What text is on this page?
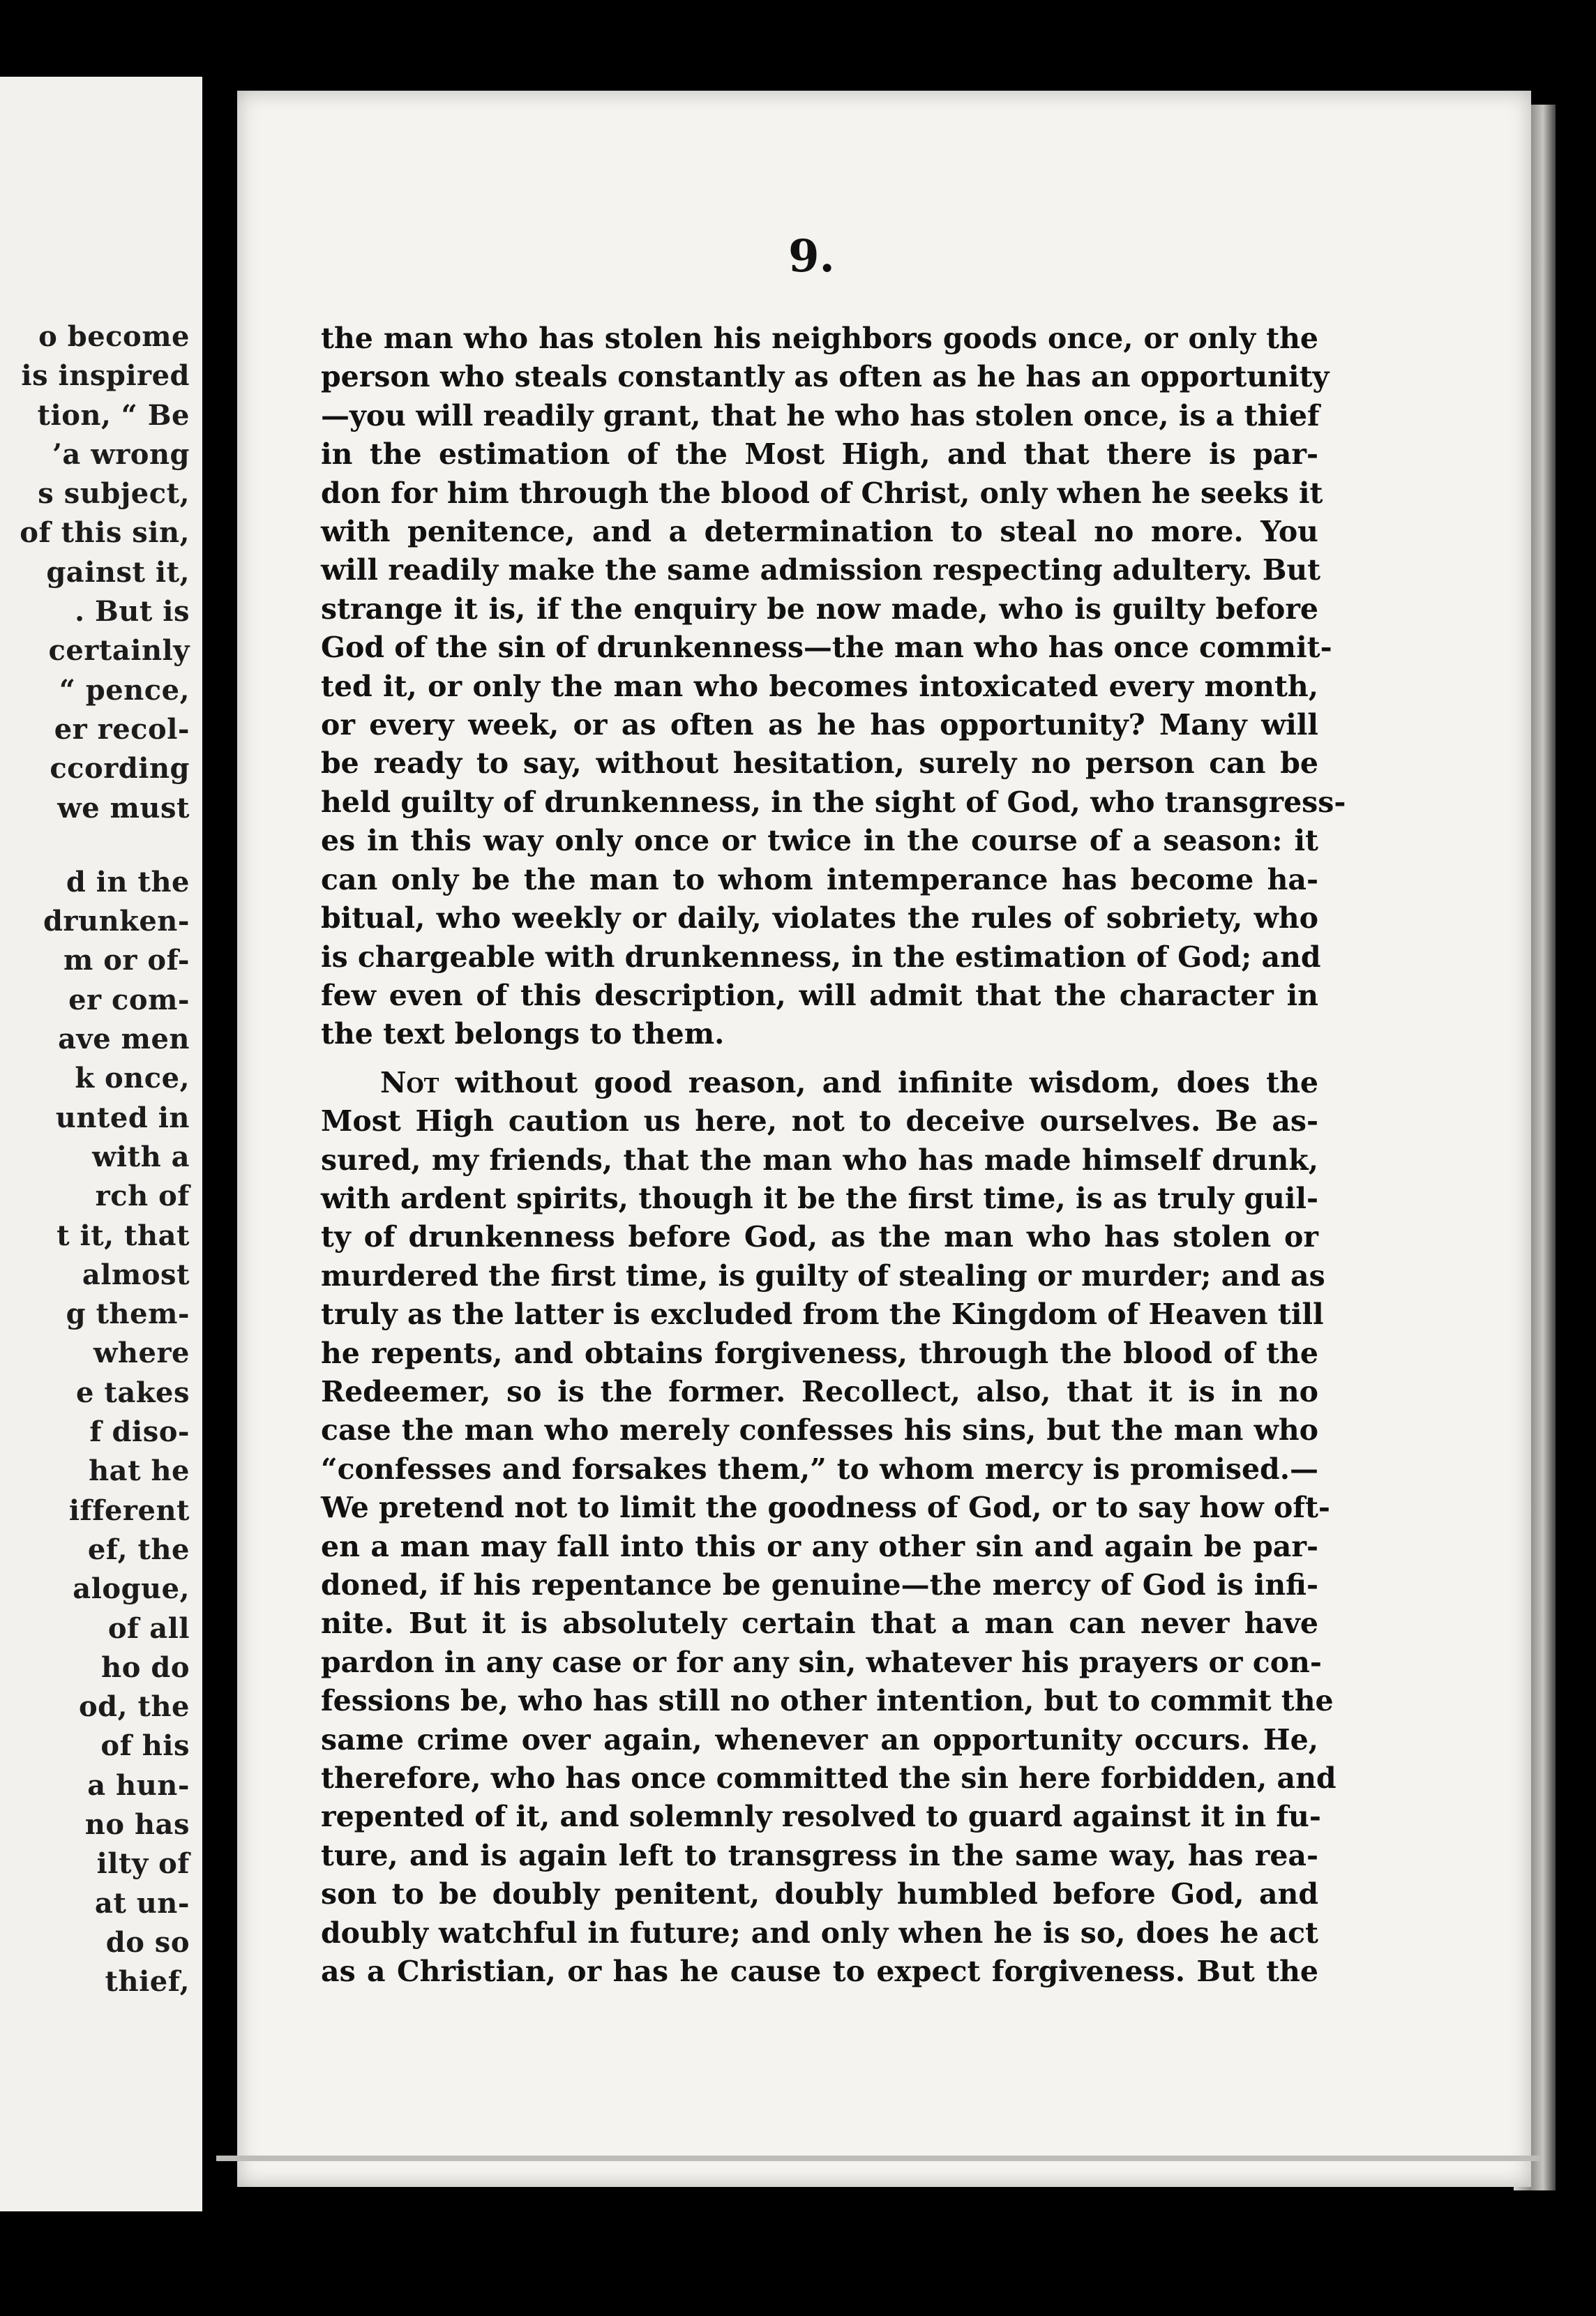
o become
is inspired
tion, “ Be
’a wrong
s subject,
of this sin,
gainst it,
. But is
certainly
“ pence,
er recol-
ccording
we must
d in the
drunken-
m or of-
er com-
ave men
k once,
unted in
with a
rch of
t it, that
almost
g them-
where
e takes
f diso-
hat he
ifferent
ef, the
alogue,
of all
ho do
od, the
of his
a hun-
no has
ilty of
at un-
do so
thief,
9.
the man who has stolen his neighbors goods once, or only the
person who steals constantly as often as he has an opportunity
—you will readily grant, that he who has stolen once, is a thief
in the estimation of the Most High, and that there is par-
don for him through the blood of Christ, only when he seeks it
with penitence, and a determination to steal no more. You
will readily make the same admission respecting adultery. But
strange it is, if the enquiry be now made, who is guilty before
God of the sin of drunkenness—the man who has once commit-
ted it, or only the man who becomes intoxicated every month,
or every week, or as often as he has opportunity? Many will
be ready to say, without hesitation, surely no person can be
held guilty of drunkenness, in the sight of God, who transgress-
es in this way only once or twice in the course of a season: it
can only be the man to whom intemperance has become ha-
bitual, who weekly or daily, violates the rules of sobriety, who
is chargeable with drunkenness, in the estimation of God; and
few even of this description, will admit that the character in
the text belongs to them.
Not without good reason, and infinite wisdom, does the
Most High caution us here, not to deceive ourselves. Be as-
sured, my friends, that the man who has made himself drunk,
with ardent spirits, though it be the first time, is as truly guil-
ty of drunkenness before God, as the man who has stolen or
murdered the first time, is guilty of stealing or murder; and as
truly as the latter is excluded from the Kingdom of Heaven till
he repents, and obtains forgiveness, through the blood of the
Redeemer, so is the former. Recollect, also, that it is in no
case the man who merely confesses his sins, but the man who
“confesses and forsakes them,” to whom mercy is promised.—
We pretend not to limit the goodness of God, or to say how oft-
en a man may fall into this or any other sin and again be par-
doned, if his repentance be genuine—the mercy of God is infi-
nite. But it is absolutely certain that a man can never have
pardon in any case or for any sin, whatever his prayers or con-
fessions be, who has still no other intention, but to commit the
same crime over again, whenever an opportunity occurs. He,
therefore, who has once committed the sin here forbidden, and
repented of it, and solemnly resolved to guard against it in fu-
ture, and is again left to transgress in the same way, has rea-
son to be doubly penitent, doubly humbled before God, and
doubly watchful in future; and only when he is so, does he act
as a Christian, or has he cause to expect forgiveness. But the
